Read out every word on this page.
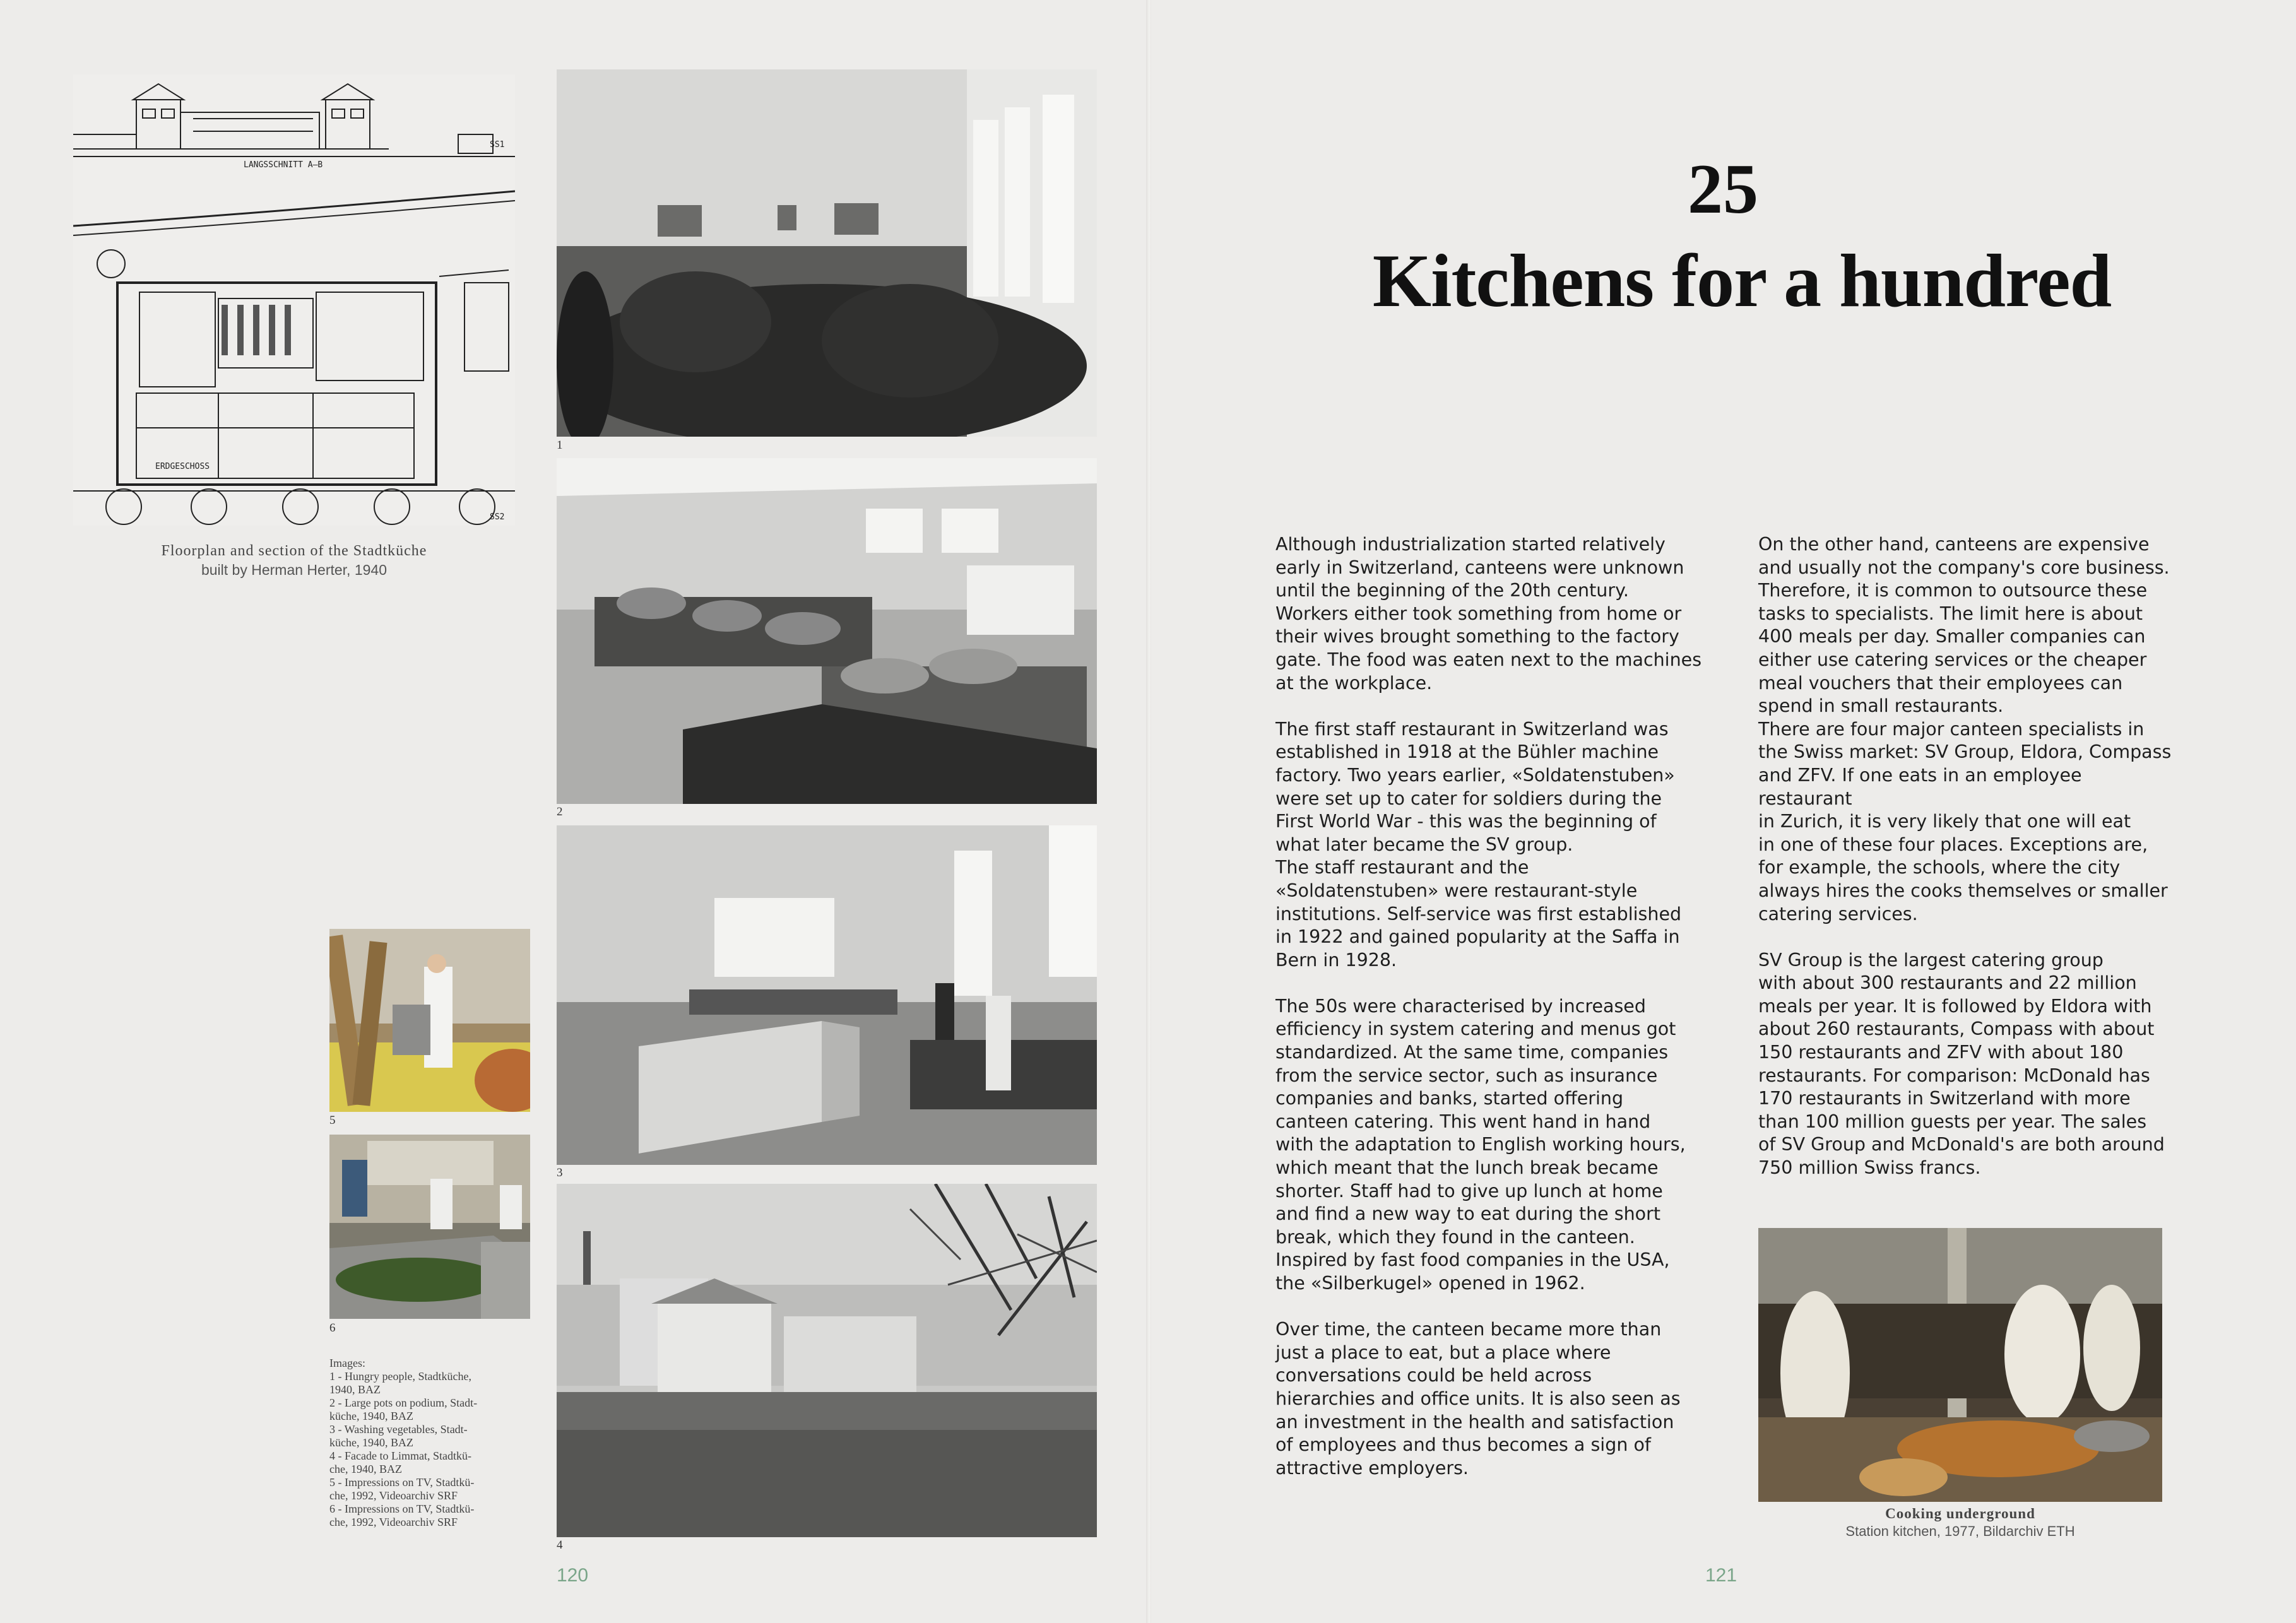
LANGSSCHNITT A–B
ERDGESCHOSS
SS1
SS2
Floorplan and section of the Stadtküche
built by Herman Herter, 1940
1
2
3
4
5
6
Images:
1 - Hungry people, Stadtküche,
1940, BAZ
2 - Large pots on podium, Stadt-
küche, 1940, BAZ
3 - Washing vegetables, Stadt-
küche, 1940, BAZ
4 - Facade to Limmat, Stadtkü-
che, 1940, BAZ
5 - Impressions on TV, Stadtkü-
che, 1992, Videoarchiv SRF
6 - Impressions on TV, Stadtkü-
che, 1992, Videoarchiv SRF
120
25
Kitchens for a hundred

Although industrialization started relatively
early in Switzerland, canteens were unknown
until the beginning of the 20th century.
Workers either took something from home or
their wives brought something to the factory
gate. The food was eaten next to the machines
at the workplace.

The first staff restaurant in Switzerland was
established in 1918 at the Bühler machine
factory. Two years earlier, «Soldatenstuben»
were set up to cater for soldiers during the
First World War - this was the beginning of
what later became the SV group.
The staff restaurant and the
«Soldatenstuben» were restaurant-style
institutions. Self-service was first established
in 1922 and gained popularity at the Saffa in
Bern in 1928.

The 50s were characterised by increased
efficiency in system catering and menus got
standardized. At the same time, companies
from the service sector, such as insurance
companies and banks, started offering
canteen catering. This went hand in hand
with the adaptation to English working hours,
which meant that the lunch break became
shorter. Staff had to give up lunch at home
and find a new way to eat during the short
break, which they found in the canteen.
Inspired by fast food companies in the USA,
the «Silberkugel» opened in 1962.

Over time, the canteen became more than
just a place to eat, but a place where
conversations could be held across
hierarchies and office units. It is also seen as
an investment in the health and satisfaction
of employees and thus becomes a sign of
attractive employers.

On the other hand, canteens are expensive
and usually not the company's core business.
Therefore, it is common to outsource these
tasks to specialists. The limit here is about
400 meals per day. Smaller companies can
either use catering services or the cheaper
meal vouchers that their employees can
spend in small restaurants.

There are four major canteen specialists in
the Swiss market: SV Group, Eldora, Compass
and ZFV. If one eats in an employee restaurant
in Zurich, it is very likely that one will eat
in one of these four places. Exceptions are,
for example, the schools, where the city
always hires the cooks themselves or smaller
catering services.

SV Group is the largest catering group
with about 300 restaurants and 22 million
meals per year. It is followed by Eldora with
about 260 restaurants, Compass with about
150 restaurants and ZFV with about 180
restaurants. For comparison: McDonald has
170 restaurants in Switzerland with more
than 100 million guests per year. The sales
of SV Group and McDonald's are both around
750 million Swiss francs.

Cooking underground
Station kitchen, 1977, Bildarchiv ETH
121
